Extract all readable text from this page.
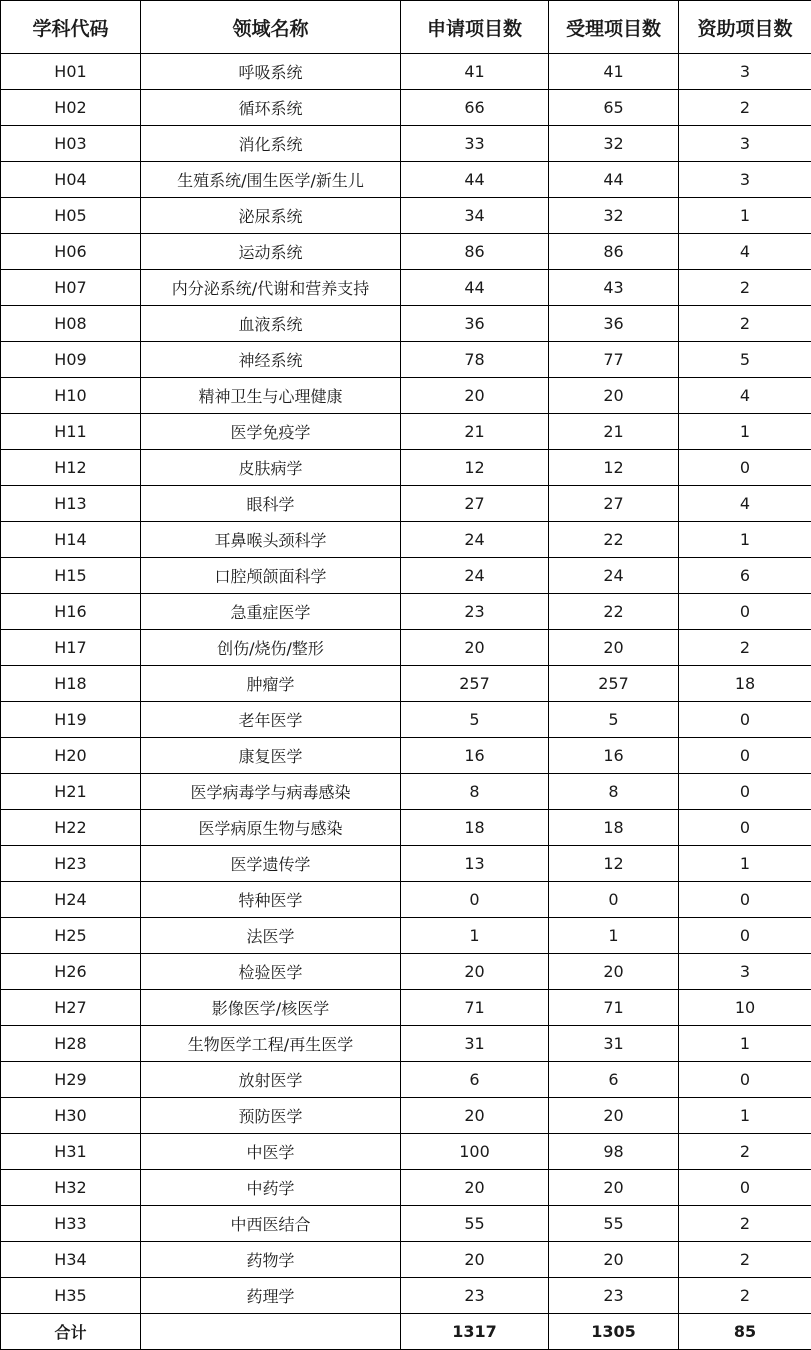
学科代码	领域名称	申请项目数	受理项目数	资助项目数
H01	呼吸系统	41	41	3
H02	循环系统	66	65	2
H03	消化系统	33	32	3
H04	生殖系统/围生医学/新生儿	44	44	3
H05	泌尿系统	34	32	1
H06	运动系统	86	86	4
H07	内分泌系统/代谢和营养支持	44	43	2
H08	血液系统	36	36	2
H09	神经系统	78	77	5
H10	精神卫生与心理健康	20	20	4
H11	医学免疫学	21	21	1
H12	皮肤病学	12	12	0
H13	眼科学	27	27	4
H14	耳鼻喉头颈科学	24	22	1
H15	口腔颅颌面科学	24	24	6
H16	急重症医学	23	22	0
H17	创伤/烧伤/整形	20	20	2
H18	肿瘤学	257	257	18
H19	老年医学	5	5	0
H20	康复医学	16	16	0
H21	医学病毒学与病毒感染	8	8	0
H22	医学病原生物与感染	18	18	0
H23	医学遗传学	13	12	1
H24	特种医学	0	0	0
H25	法医学	1	1	0
H26	检验医学	20	20	3
H27	影像医学/核医学	71	71	10
H28	生物医学工程/再生医学	31	31	1
H29	放射医学	6	6	0
H30	预防医学	20	20	1
H31	中医学	100	98	2
H32	中药学	20	20	0
H33	中西医结合	55	55	2
H34	药物学	20	20	2
H35	药理学	23	23	2
合计		1317	1305	85
